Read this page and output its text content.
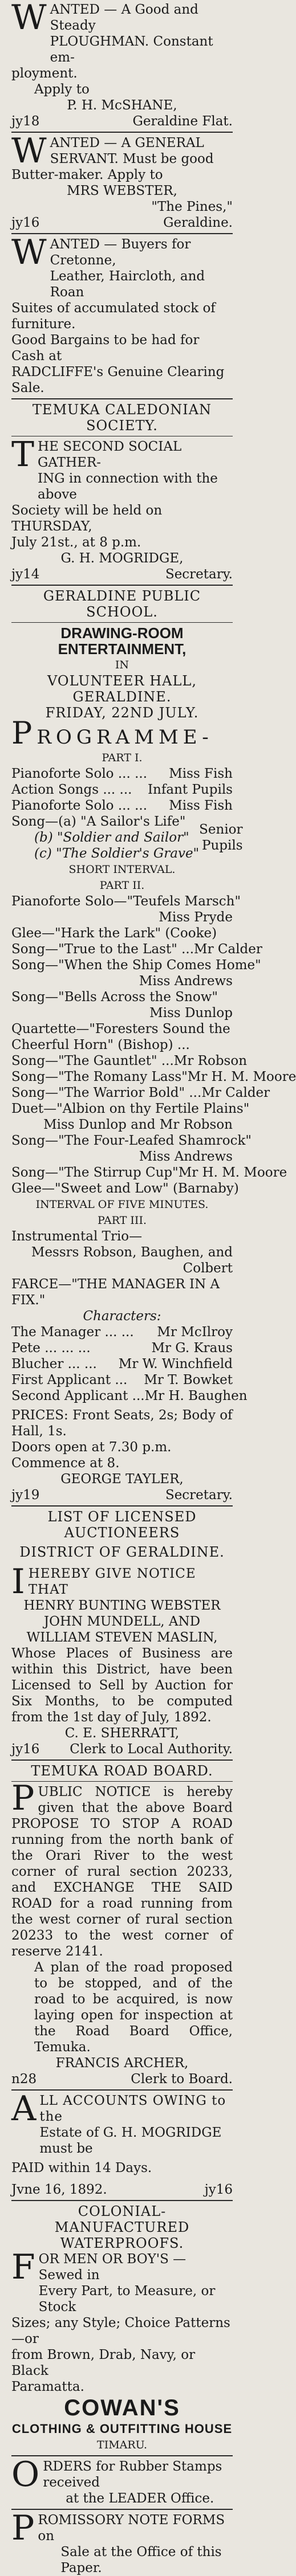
W ANTED — A Good and Steady
PLOUGHMAN. Constant em-
ployment.
Apply to
P. H. McSHANE,
jy18	Geraldine Flat.
W ANTED — A GENERAL
SERVANT. Must be good
Butter-maker. Apply to
MRS WEBSTER,
"The Pines,"
jy16	Geraldine.
W ANTED — Buyers for Cretonne,
Leather, Haircloth, and Roan
Suites of accumulated stock of furniture.
Good Bargains to be had for Cash at
RADCLIFFE's Genuine Clearing Sale.
TEMUKA CALEDONIAN SOCIETY.
T HE SECOND SOCIAL GATHER-
ING in connection with the above
Society will be held on THURSDAY,
July 21st., at 8 p.m.
G. H. MOGRIDGE,
jy14	Secretary.
GERALDINE PUBLIC SCHOOL.
DRAWING-ROOM ENTERTAINMENT,
IN
VOLUNTEER HALL, GERALDINE.
FRIDAY, 22ND JULY.
PROGRAMME-
PART I.
Pianoforte Solo ... ...	Miss Fish
Action Songs ... ...	Infant Pupils
Pianoforte Solo ... ...	Miss Fish
Song—(a) "A Sailor's Life"
(b) "Soldier and Sailor"
(c) "The Soldier's Grave"
Senior
Pupils
SHORT INTERVAL.
PART II.
Pianoforte Solo—"Teufels Marsch"
Miss Pryde
Glee—"Hark the Lark" (Cooke)
Song—"True to the Last" ... Mr Calder
Song—"When the Ship Comes Home"
Miss Andrews
Song—"Bells Across the Snow"
Miss Dunlop
Quartette—"Foresters Sound the
Cheerful Horn" (Bishop) ...
Song—"The Gauntlet" ... Mr Robson
Song—"The Romany Lass" Mr H. M. Moore
Song—"The Warrior Bold" ... Mr Calder
Duet—"Albion on thy Fertile Plains"
Miss Dunlop and Mr Robson
Song—"The Four-Leafed Shamrock"
Miss Andrews
Song—"The Stirrup Cup" Mr H. M. Moore
Glee—"Sweet and Low" (Barnaby)
INTERVAL OF FIVE MINUTES.
PART III.
Instrumental Trio—
Messrs Robson, Baughen, and Colbert
FARCE—"THE MANAGER IN A FIX."
Characters:
The Manager ... ...	Mr McIlroy
Pete ... ... ...	Mr G. Kraus
Blucher ... ...	Mr W. Winchfield
First Applicant ...	Mr T. Bowket
Second Applicant ... Mr H. Baughen
PRICES: Front Seats, 2s; Body of Hall, 1s.
Doors open at 7.30 p.m. Commence at 8.
GEORGE TAYLER,
jy19	Secretary.
LIST OF LICENSED AUCTIONEERS
DISTRICT OF GERALDINE.
I HEREBY GIVE NOTICE THAT
HENRY BUNTING WEBSTER
JOHN MUNDELL, AND
WILLIAM STEVEN MASLIN,
Whose Places of Business are within this District, have been Licensed to Sell by Auction for Six Months, to be computed from the 1st day of July, 1892.
C. E. SHERRATT,
jy16 Clerk to Local Authority.
TEMUKA ROAD BOARD.
PUBLIC NOTICE is hereby given that the above Board PROPOSE TO STOP A ROAD running from the north bank of the Orari River to the west corner of rural section 20233, and EXCHANGE THE SAID ROAD for a road running from the west corner of rural section 20233 to the west corner of reserve 2141.
A plan of the road proposed to be stopped, and of the road to be acquired, is now laying open for inspection at the Road Board Office, Temuka.
FRANCIS ARCHER,
n28	Clerk to Board.
A LL ACCOUNTS OWING to the
Estate of G. H. MOGRIDGE must be
PAID within 14 Days.
Jvne 16, 1892.	jy16
COLONIAL-MANUFACTURED
WATERPROOFS.
F OR MEN OR BOY'S — Sewed in
Every Part, to Measure, or Stock
Sizes; any Style; Choice Patterns—or
from Brown, Drab, Navy, or Black
Paramatta.
COWAN'S
CLOTHING & OUTFITTING HOUSE
TIMARU.
O RDERS for Rubber Stamps received
at the LEADER Office.
P ROMISSORY NOTE FORMS on
Sale at the Office of this Paper.
